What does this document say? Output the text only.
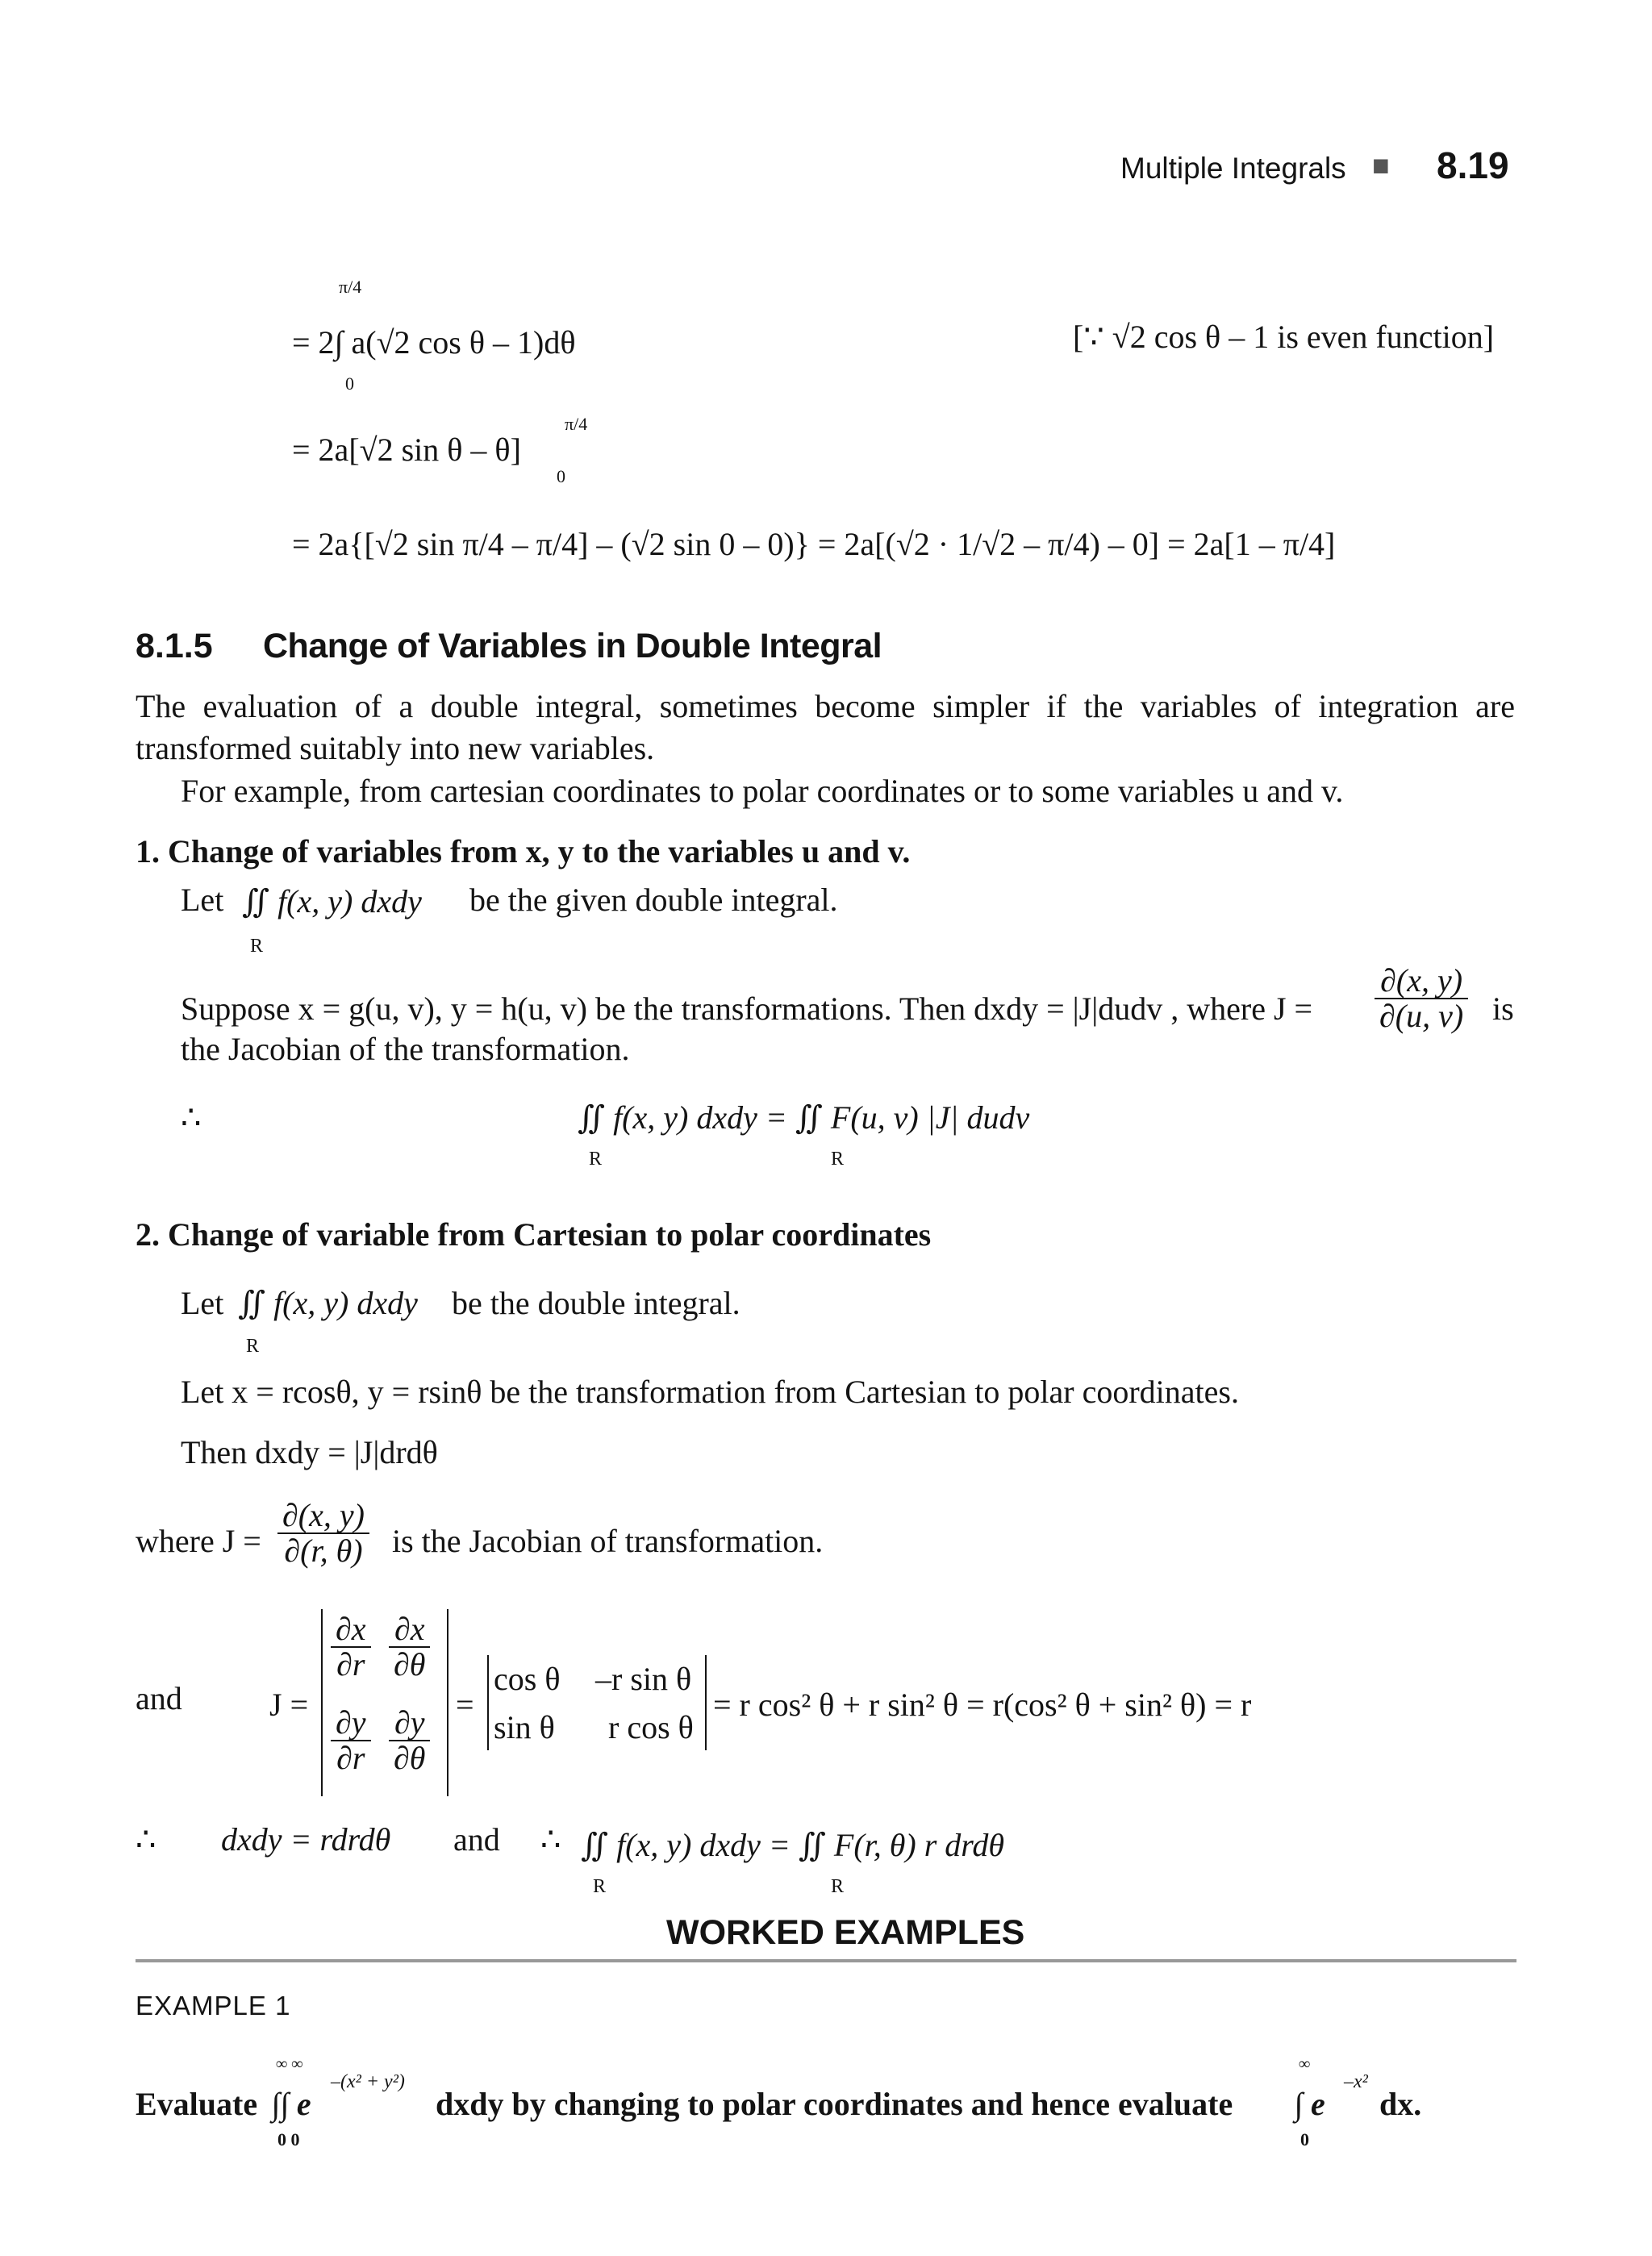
Multiple Integrals ■ 8.19
π/4
= 2∫ a(√2 cos θ – 1)dθ
0
[∵ √2 cos θ – 1 is even function]
π/4
= 2a[√2 sin θ – θ]
0
= 2a{[√2 sin π/4 – π/4] – (√2 sin 0 – 0)} = 2a[(√2 · 1/√2 – π/4) – 0] = 2a[1 – π/4]
8.1.5 Change of Variables in Double Integral
The evaluation of a double integral, sometimes become simpler if the variables of integration are transformed suitably into new variables.
For example, from cartesian coordinates to polar coordinates or to some variables u and v.
1. Change of variables from x, y to the variables u and v.
Let ∬ f(x, y) dxdy
R
be the given double integral.
Suppose x = g(u, v), y = h(u, v) be the transformations. Then dxdy = |J|dudv , where $J = \frac{\partial(x, y)}{\partial(u, v)}$ is
the Jacobian of the transformation.
∴	∬ f(x, y) dxdy = ∬ F(u, v) |J| dudv
R	R
2. Change of variable from Cartesian to polar coordinates
Let ∬ f(x, y) dxdy
R
be the double integral.
Let x = rcosθ, y = rsinθ be the transformation from Cartesian to polar coordinates.
Then dxdy = |J|drdθ
where $J = \frac{\partial(x, y)}{\partial(r, \theta)}$ is the Jacobian of transformation.
and	J =
$\frac{\partial x}{\partial r} \frac{\partial x}{\partial\theta}$
$\frac{\partial y}{\partial r} \frac{\partial y}{\partial\theta}$
=
cos θ –r sin θ
sin θ r cos θ
= r cos² θ + r sin² θ = r(cos² θ + sin² θ) = r
∴ dxdy = rdrdθ and ∴ ∬ f(x, y) dxdy = ∬ F(r, θ) r drdθ
R	R
WORKED EXAMPLES
EXAMPLE 1
Evaluate
∞ ∞
∫∫ e
–(x² + y²)
0 0
dxdy by changing to polar coordinates and hence evaluate
∞
∫ e
–x²
0
dx.
